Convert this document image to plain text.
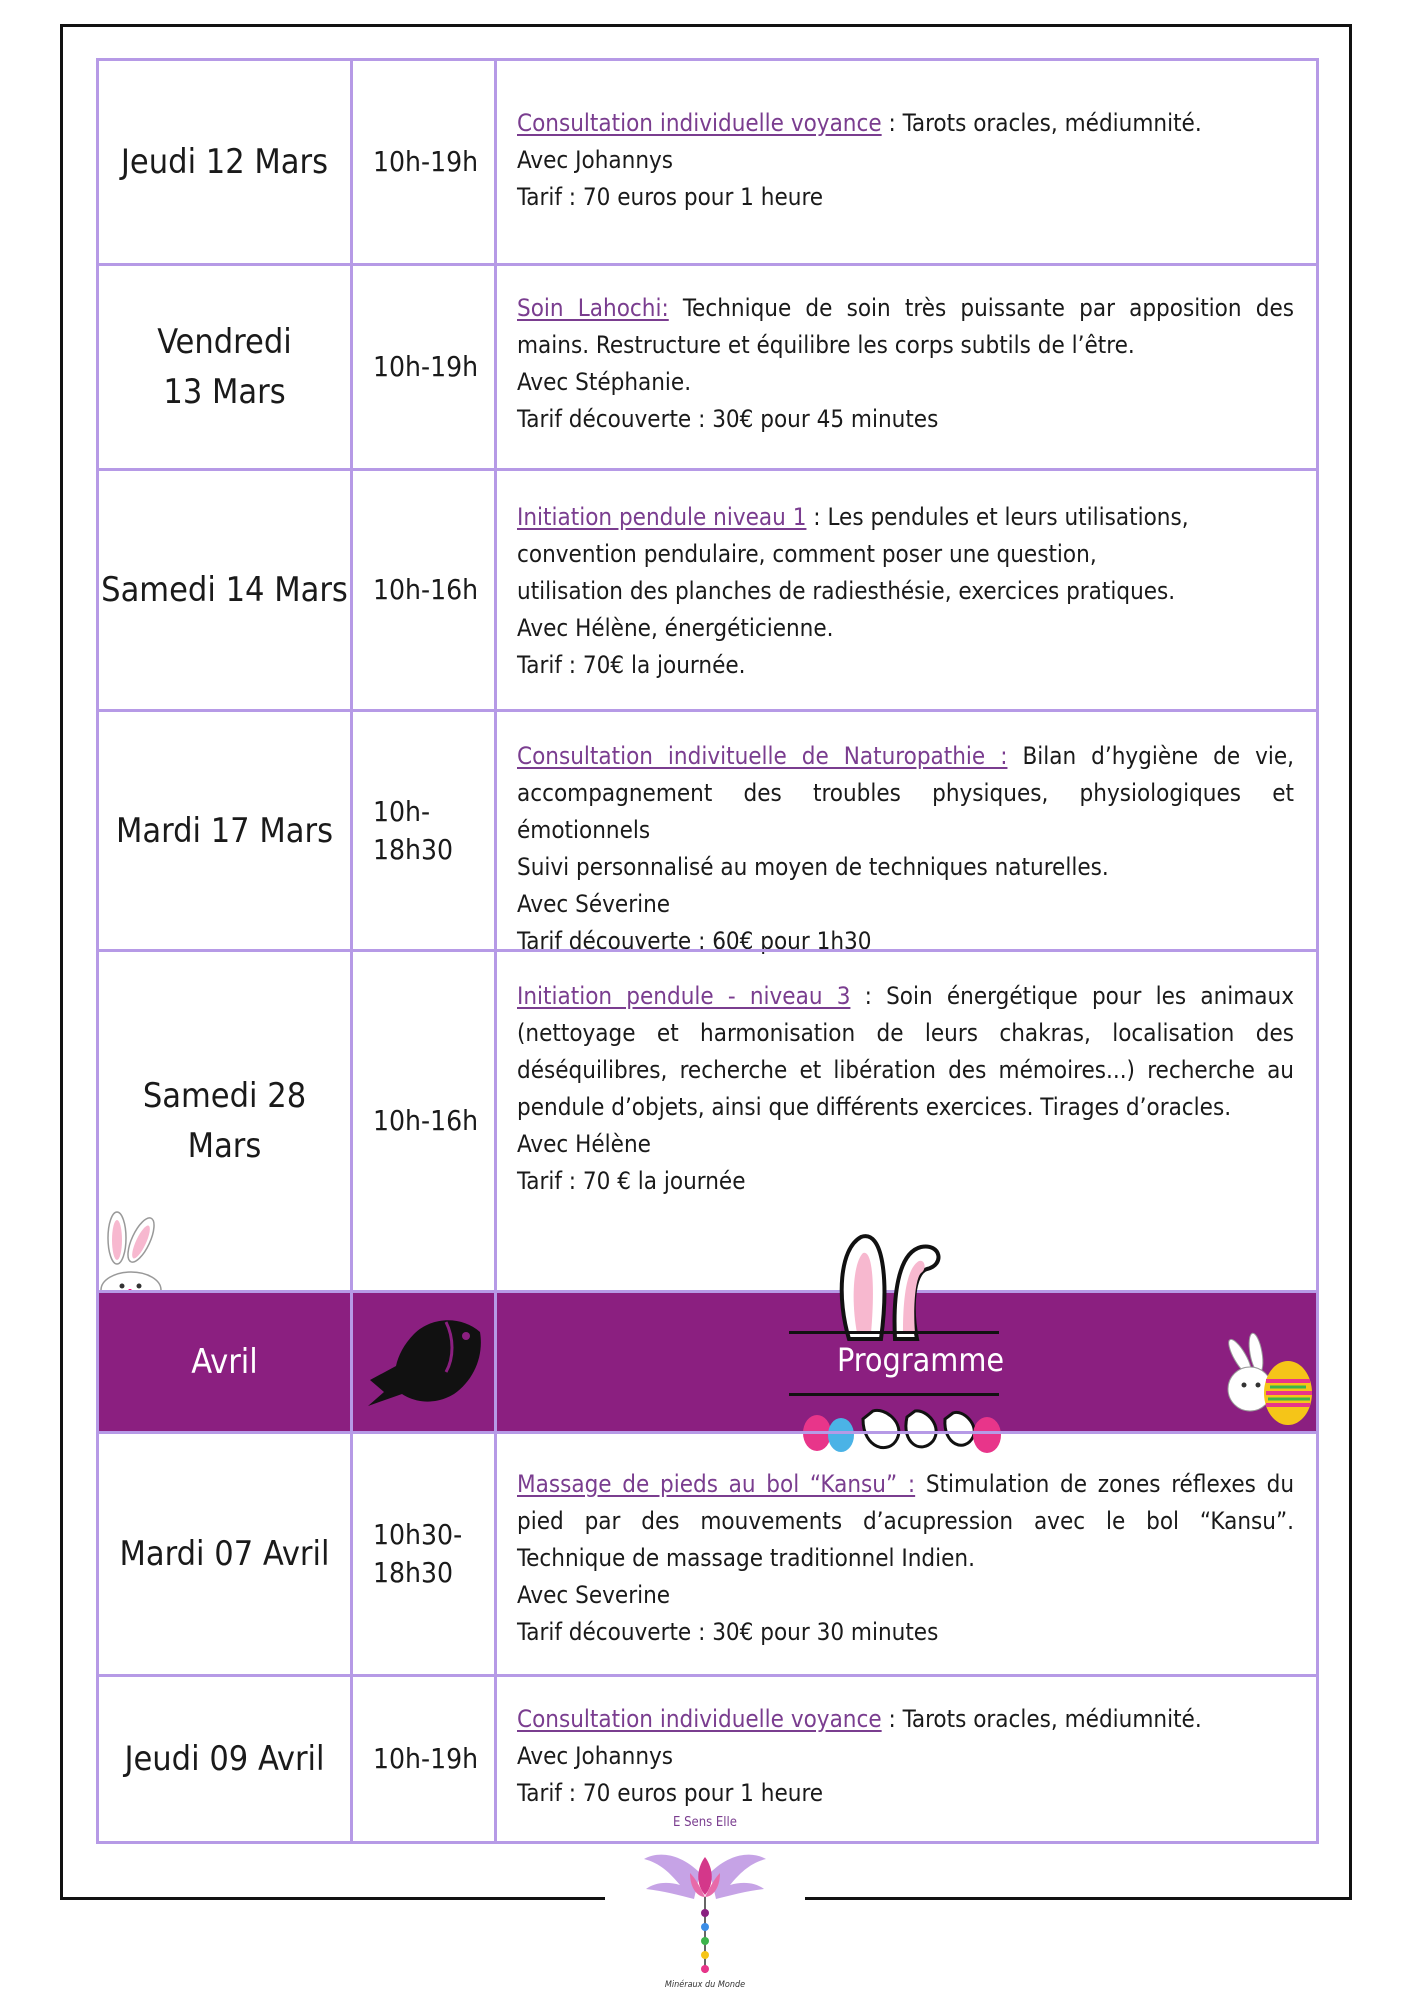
Jeudi 12 Mars 10h-19h

Consultation individuelle voyance : Tarots oracles, médiumnité.

Avec Johannys

Tarif : 70 euros pour 1 heure

Vendredi 13 Mars
10h-19h

Soin Lahochi: Technique de soin très puissante par apposition des mains. Restructure et équilibre les corps subtils de l’être.

Avec Stéphanie.

Tarif découverte : 30€ pour 45 minutes

Samedi 14 Mars 10h-16h

Initiation pendule niveau 1 : Les pendules et leurs utilisations, convention pendulaire, comment poser une question, utilisation des planches de radiesthésie, exercices pratiques.

Avec Hélène, énergéticienne.

Tarif : 70€ la journée.

Mardi 17 Mars 10h-18h30

Consultation indivituelle de Naturopathie : Bilan d’hygiène de vie, accompagnement des troubles physiques, physiologiques et émotionnels

Suivi personnalisé au moyen de techniques naturelles.

Avec Séverine

Tarif découverte : 60€ pour 1h30

Samedi 28 Mars
10h-16h

Initiation pendule - niveau 3 : Soin énergétique pour les animaux (nettoyage et harmonisation de leurs chakras, localisation des déséquilibres, recherche et libération des mémoires...) recherche au pendule d’objets, ainsi que différents exercices. Tirages d’oracles.

Avec Hélène

Tarif : 70 € la journée

Avril	Programme
Mardi 07 Avril 10h30-18h30

Massage de pieds au bol “Kansu” : Stimulation de zones réflexes du pied par des mouvements d’acupression avec le bol “Kansu”. Technique de massage traditionnel Indien.

Avec Severine

Tarif découverte : 30€ pour 30 minutes

Jeudi 09 Avril 10h-19h

Consultation individuelle voyance : Tarots oracles, médiumnité.

Avec Johannys

Tarif : 70 euros pour 1 heure

E Sens Elle
Minéraux du Monde
